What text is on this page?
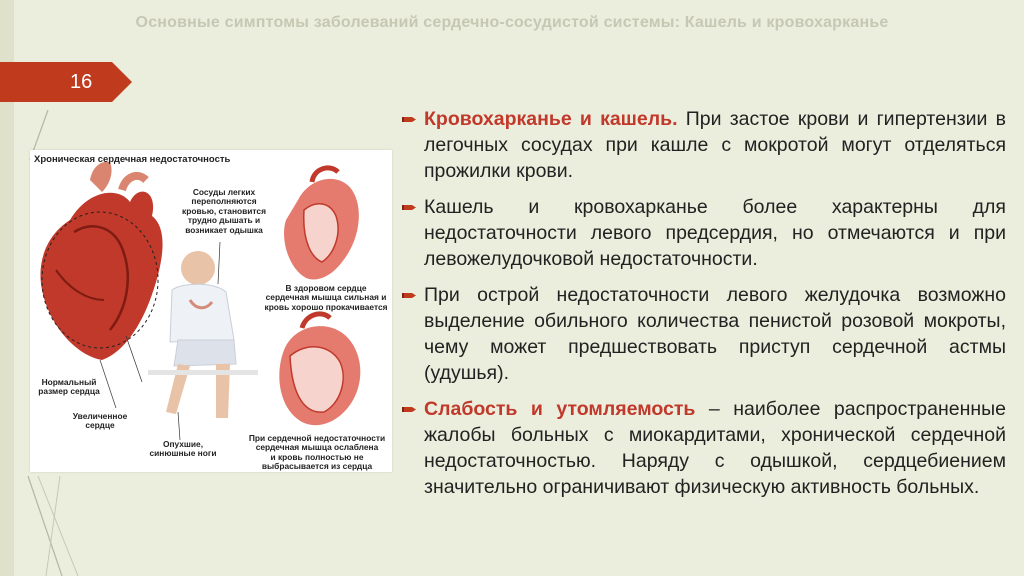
Основные симптомы заболеваний сердечно-сосудистой системы: Кашель и кровохарканье
16
Хроническая сердечная недостаточность
Сосуды легких
переполняются
кровью, становится
трудно дышать и
возникает одышка
В здоровом сердце
сердечная мышца сильная и
кровь хорошо прокачивается
Нормальный
размер сердца
Увеличенное
сердце
Опухшие,
синюшные ноги
При сердечной недостаточности
сердечная мышца ослаблена
и кровь полностью не
выбрасывается из сердца
Кровохарканье и кашель. При застое крови и гипертензии в легочных сосудах при кашле с мокротой могут отделяться прожилки крови.
Кашель и кровохарканье более характерны для недостаточности левого предсердия, но отмечаются и при левожелудочковой недостаточности.
При острой недостаточности левого желудочка возможно выделение обильного количества пенистой розовой мокроты, чему может предшествовать приступ сердечной астмы (удушья).
Слабость и утомляемость – наиболее распространенные жалобы больных с миокардитами, хронической сердечной недостаточностью. Наряду с одышкой, сердцебиением значительно ограничивают физическую активность больных.
